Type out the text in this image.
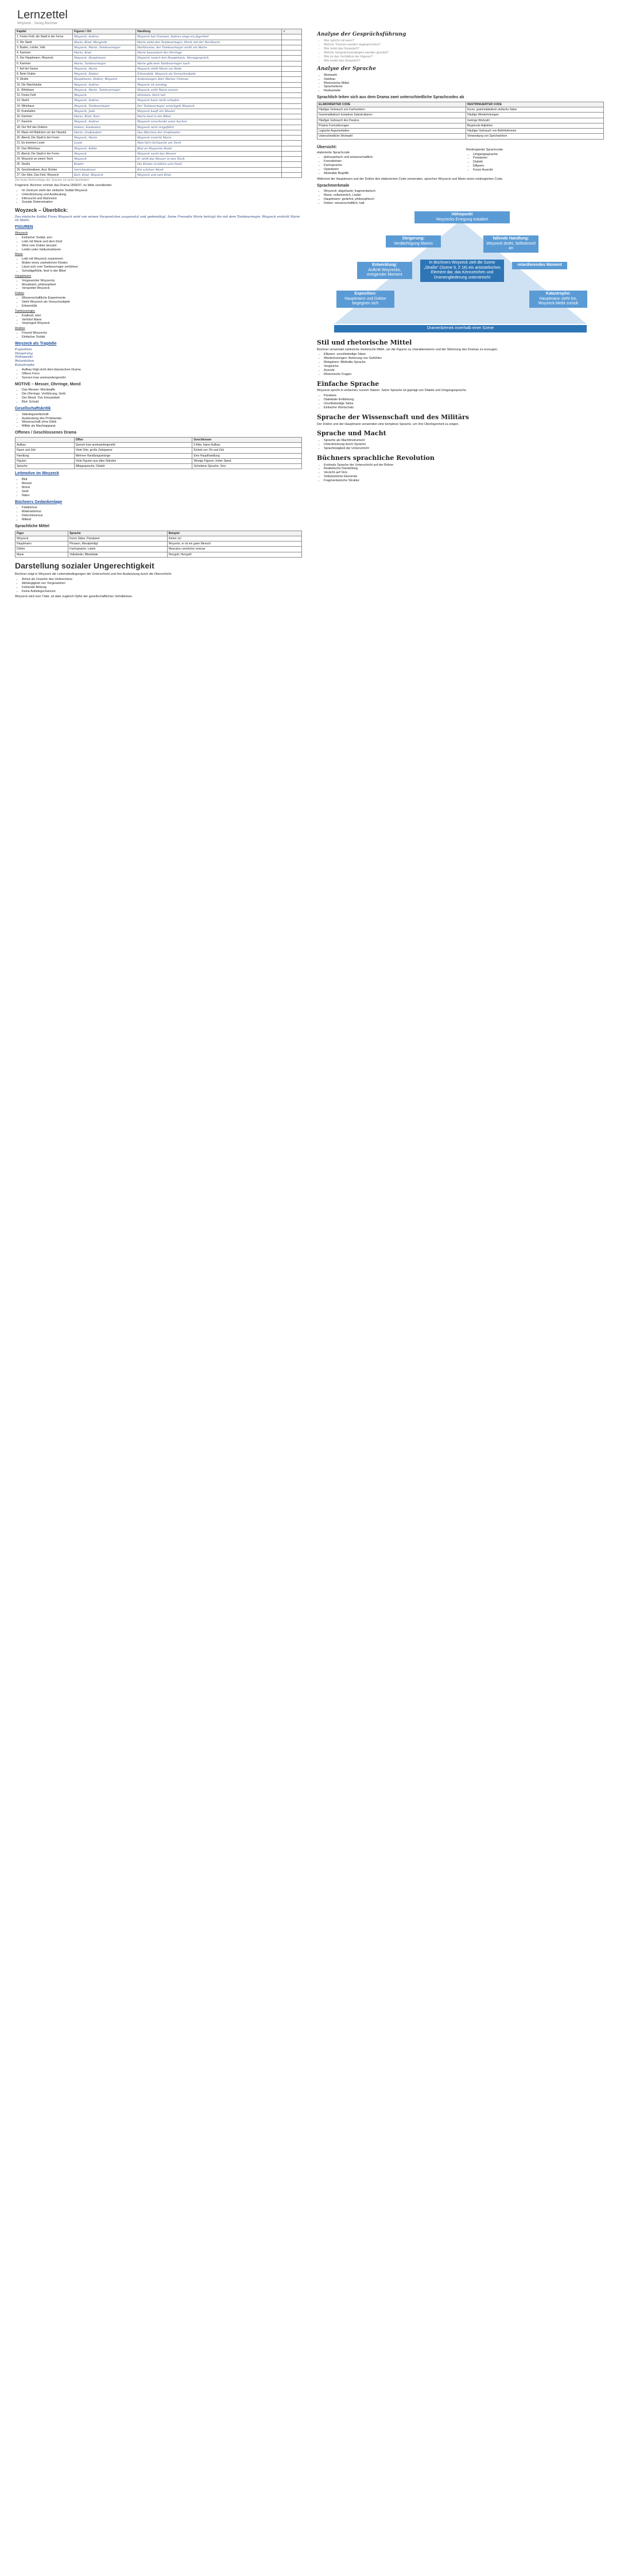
Lernzettel
Woyzeck · Georg Büchner
Kapitel	Figuren / Ort	Handlung	✓
1. Freies Feld, die Stadt in der Ferne	Woyzeck, Andres	Woyzeck hat Visionen, Andres singt ein Jägerlied	
2. Die Stadt	Marie, Kind, Margreth	Marie sieht den Tambourmajor, Streit mit der Nachbarin	
3. Buden, Lichter, Volk	Woyzeck, Marie, Tambourmajor	Marktszene, der Tambourmajor wirbt um Marie	
4. Kammer	Marie, Kind	Marie bewundert die Ohrringe	
5. Der Hauptmann, Woyzeck	Woyzeck, Hauptmann	Woyzeck rasiert den Hauptmann, Moralgespräch	
6. Kammer	Marie, Tambourmajor	Marie gibt dem Tambourmajor nach	
7. Auf der Gasse	Woyzeck, Marie	Woyzeck stellt Marie zur Rede	
8. Beim Doktor	Woyzeck, Doktor	Erbsendiät, Woyzeck als Versuchsobjekt	
9. Straße	Hauptmann, Doktor, Woyzeck	Andeutungen über Maries Untreue	
10. Die Wachtstube	Woyzeck, Andres	Woyzeck ist unruhig	
11. Wirtshaus	Woyzeck, Marie, Tambourmajor	Woyzeck sieht Marie tanzen	
12. Freies Feld	Woyzeck	Stimmen: Stich tot!	
13. Nacht	Woyzeck, Andres	Woyzeck kann nicht schlafen	
14. Wirtshaus	Woyzeck, Tambourmajor	Der Tambourmajor verprügelt Woyzeck	
15. Kramladen	Woyzeck, Jude	Woyzeck kauft ein Messer	
16. Kammer	Marie, Kind, Narr	Marie liest in der Bibel	
17. Kaserne	Woyzeck, Andres	Woyzeck verschenkt seine Sachen	
18. Der Hof des Doktors	Doktor, Studenten	Woyzeck wird vorgeführt	
19. Marie mit Mädchen vor der Haustür	Marie, Großmutter	Das Märchen der Großmutter	
20. Abend, Die Stadt in der Ferne	Woyzeck, Marie	Woyzeck ersticht Marie	
21. Es kommen Leute	Leute	Man hört Geräusche am Teich	
22. Das Wirtshaus	Woyzeck, Käthe	Blut an Woyzecks Hand	
23. Abend, Die Stadt in der Ferne	Woyzeck	Woyzeck sucht das Messer	
24. Woyzeck an einem Teich	Woyzeck	Er wirft das Messer in den Teich	
25. Straße	Kinder	Die Kinder erzählen vom Fund	
26. Gerichtsdiener, Arzt, Richter	Gerichtsdiener	Ein schöner Mord	
27. Der Idiot, Das Kind, Woyzeck	Karl, Kind, Woyzeck	Woyzeck und sein Kind	

Die feste Reihenfolge der Szenen ist nicht überliefert.

Fragment: Büchner schrieb das Drama 1836/37, es blieb unvollendet.

• Im Zentrum steht der einfache Soldat Woyzeck
• Unterdrückung und Ausbeutung
• Eifersucht und Wahnsinn
• Soziale Determination
Woyzeck – Überblick:

Das einfache Soldat Franz Woyzeck wird von seinen Vorgesetzten ausgenutzt und gedemütigt. Seine Freundin Marie betrügt ihn mit dem Tambourmajor. Woyzeck ersticht Marie im Wahn.

FIGUREN
Woyzeck
• Einfacher Soldat, arm
• Lebt mit Marie und dem Kind
• Wird vom Doktor benutzt
• Leidet unter Halluzinationen
Marie
• Lebt mit Woyzeck zusammen
• Mutter eines unehelichen Kindes
• Lässt sich vom Tambourmajor verführen
• Schuldgefühle, liest in der Bibel
Hauptmann
• Vorgesetzter Woyzecks
• Moralisiert, philosophiert
• Verspottet Woyzeck
Doktor
• Wissenschaftliche Experimente
• Sieht Woyzeck als Versuchsobjekt
• Erbsendiät
Tambourmajor
• Kraftvoll, eitel
• Verführt Marie
• Verprügelt Woyzeck
Andres
• Freund Woyzecks
• Einfacher Soldat
Woyzeck als Tragödie
Exposition
Steigerung
Höhepunkt
Retardation
Katastrophe
• Aufbau folgt nicht dem klassischen Drama
• Offene Form
• Szenen lose aneinandergereiht
MOTIVE – Messer, Ohrringe, Mond
• Das Messer: Mordwaffe
• Die Ohrringe: Verführung, Geld
• Der Mond: Tod, Einsamkeit
• Blut: Schuld
Gesellschaftskritik
• Ständegesellschaft
• Ausbeutung des Proletariats
• Wissenschaft ohne Ethik
• Militär als Machtapparat
Offenes / Geschlossenes Drama
	Offen	Geschlossen
Aufbau	Szenen lose aneinandergereiht	5 Akte, klarer Aufbau
Raum und Zeit	Viele Orte, große Zeitspanne	Einheit von Ort und Zeit
Handlung	Mehrere Handlungsstränge	Eine Haupthandlung
Figuren	Viele Figuren aus allen Ständen	Wenige Figuren, hoher Stand
Sprache	Alltagssprache, Dialekt	Gehobene Sprache, Vers
Leitmotive im Woyzeck
• Blut
• Messer
• Mond
• Geld
• Natur
Büchners Gedankenlage
• Fatalismus
• Materialismus
• Determinismus
• Mitleid
Sprachliche Mittel
Figur	Sprache	Beispiel
Woyzeck	Kurze Sätze, Parataxen	Immer zu!
Hauptmann	Phrasen, Moralpredigt	Woyzeck, er ist ein guter Mensch
Doktor	Fachsprache, Latein	Musculus constrictor vesicae
Marie	Volkslieder, Bibelzitate	Herrgott, Herrgott!
Darstellung sozialer Ungerechtigkeit

Büchner zeigt in Woyzeck die Lebensbedingungen der Unterschicht und ihre Ausbeutung durch die Oberschicht.

• Armut als Ursache des Verbrechens
• Abhängigkeit von Vorgesetzten
• Fehlende Bildung
• Keine Aufstiegschancen

Woyzeck wird zum Täter, ist aber zugleich Opfer der gesellschaftlichen Verhältnisse.

Analyse der Gesprächsführung
• Wer spricht mit wem?
• Welche Themen werden angesprochen?
• Wer lenkt das Gespräch?
• Welche Gesprächsstrategien werden genutzt?
• Wie ist das Verhältnis der Figuren?
• Wie endet das Gespräch?
Analyse der Sprache
• Wortwahl
• Satzbau
• Rhetorische Mittel
• Sprachebene
• Redeanteile
Sprachlich leiten sich aus dem Drama zwei unterschiedliche Sprachcodes ab
ELABORIERTER CODE	RESTRINGIERTER CODE
Häufiger Gebrauch von Fachwörtern	Kurze, grammatikalisch einfache Sätze
Grammatikalisch komplexe Satzstrukturen	Häufige Wiederholungen
Häufiger Gebrauch des Passivs	Geringe Wortzahl
Präzise Formulierungen	Begrenzte Adjektive
Logische Argumentation	Häufiger Gebrauch von Befehlsformen
Unterschiedliche Wortwahl	Verwendung von Sprichwörtern
Übersicht:
elaborierte Sprachcode
• philosophisch und wissenschaftlich
• Fremdwörter
• Fachsprache
• Hypotaxen
• Abstrakte Begriffe
Restringierter Sprachcode
• Umgangssprache
• Parataxen
• Dialekt
• Ellipsen
• Kurze Ausrufe

Während der Hauptmann und der Doktor den elaborierten Code verwenden, sprechen Woyzeck und Marie einen restringierten Code.

Sprachmerkmale
• Woyzeck: abgehackt, fragmentarisch
• Marie: volkstümlich, Lieder
• Hauptmann: gedehnt, philosophisch
• Doktor: wissenschaftlich, kalt
Höhepunkt
Woyzecks Erregung eskaliert
Steigerung:
Verdächtigung Maries
fallende Handlung:
Woyzeck droht, Selbstmord an
Entwicklung:
Aufkritt Woyzecks, erregender Moment
In Büchners Woyzeck zielt die Szene „Straße“ (Szene 9, Z 18) ein aristotelisches Element dar, das Kennzeichen und Dramengliederung unterstreicht
retardierendes Moment
Exposition:
Hauptmann und Doktor begegnen sich
Katastrophe:
Hauptmann zieht los, Woyzeck bleibt zurück
Dramenbrenek innerhalb einer Szene
Stil und rhetorische Mittel

Büchner verwendet zahlreiche rhetorische Mittel, um die Figuren zu charakterisieren und die Stimmung des Dramas zu erzeugen.

• Ellipsen: unvollständige Sätze
• Wiederholungen: Betonung von Gefühlen
• Metaphern: Bildhafte Sprache
• Vergleiche
• Ausrufe
• Rhetorische Fragen
Einfache Sprache

Woyzeck spricht in einfachen, kurzen Sätzen. Seine Sprache ist geprägt von Dialekt und Umgangssprache.

• Parataxe
• Dialektale Einfärbung
• Unvollständige Sätze
• Einfacher Wortschatz
Sprache der Wissenschaft und des Militärs

Der Doktor und der Hauptmann verwenden eine komplexe Sprache, um ihre Überlegenheit zu zeigen.

Sprache und Macht
• Sprache als Machtinstrument
• Unterdrückung durch Sprache
• Sprachlosigkeit der Unterschicht
Büchners sprachliche Revolution
• Erstmals Sprache der Unterschicht auf der Bühne
• Realistische Darstellung
• Verzicht auf Vers
• Volkstümliche Elemente
• Fragmentarische Struktur
